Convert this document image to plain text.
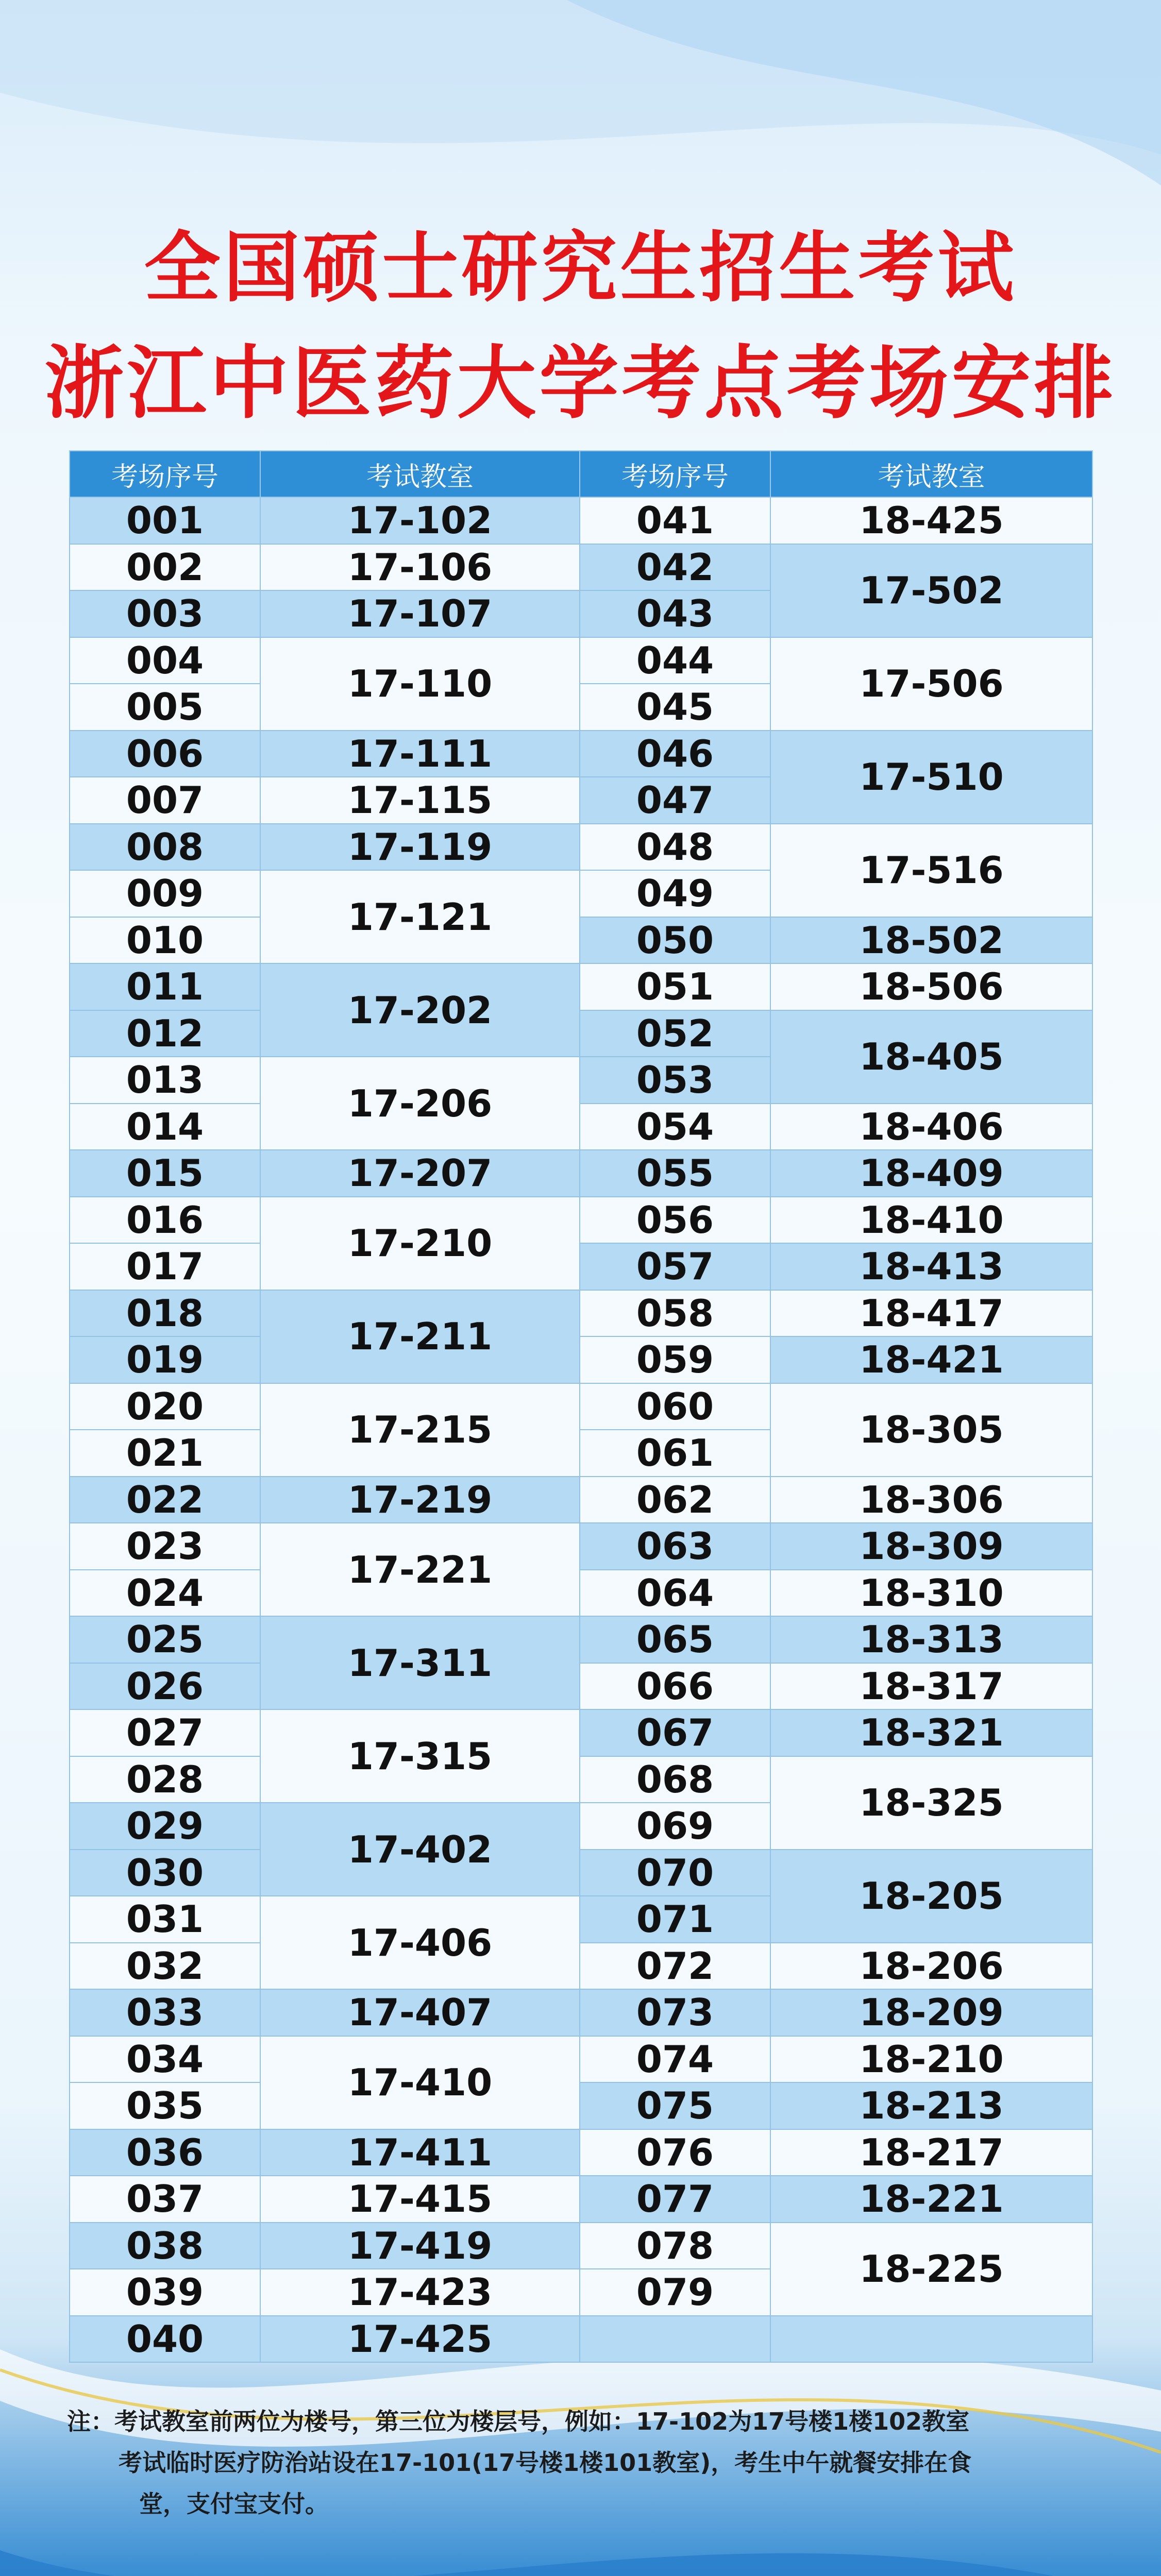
全国硕士研究生招生考试
浙江中医药大学考点考场安排
考场序号	考试教室	考场序号	考试教室
001	17-102	041	18-425
002	17-106	042	17-502
003	17-107	043	
004	17-110	044	17-506
005		045	
006	17-111	046	17-510
007	17-115	047	
008	17-119	048	17-516
009	17-121	049	
010		050	18-502
011	17-202	051	18-506
012		052	18-405
013	17-206	053	
014		054	18-406
015	17-207	055	18-409
016	17-210	056	18-410
017		057	18-413
018	17-211	058	18-417
019		059	18-421
020	17-215	060	18-305
021		061	
022	17-219	062	18-306
023	17-221	063	18-309
024		064	18-310
025	17-311	065	18-313
026		066	18-317
027	17-315	067	18-321
028		068	18-325
029	17-402	069	
030		070	18-205
031	17-406	071	
032		072	18-206
033	17-407	073	18-209
034	17-410	074	18-210
035		075	18-213
036	17-411	076	18-217
037	17-415	077	18-221
038	17-419	078	18-225
039	17-423	079	
040	17-425		
注：考试教室前两位为楼号，第三位为楼层号，例如：17-102为17号楼1楼102教室
考试临时医疗防治站设在17-101(17号楼1楼101教室)，考生中午就餐安排在食
堂，支付宝支付。
